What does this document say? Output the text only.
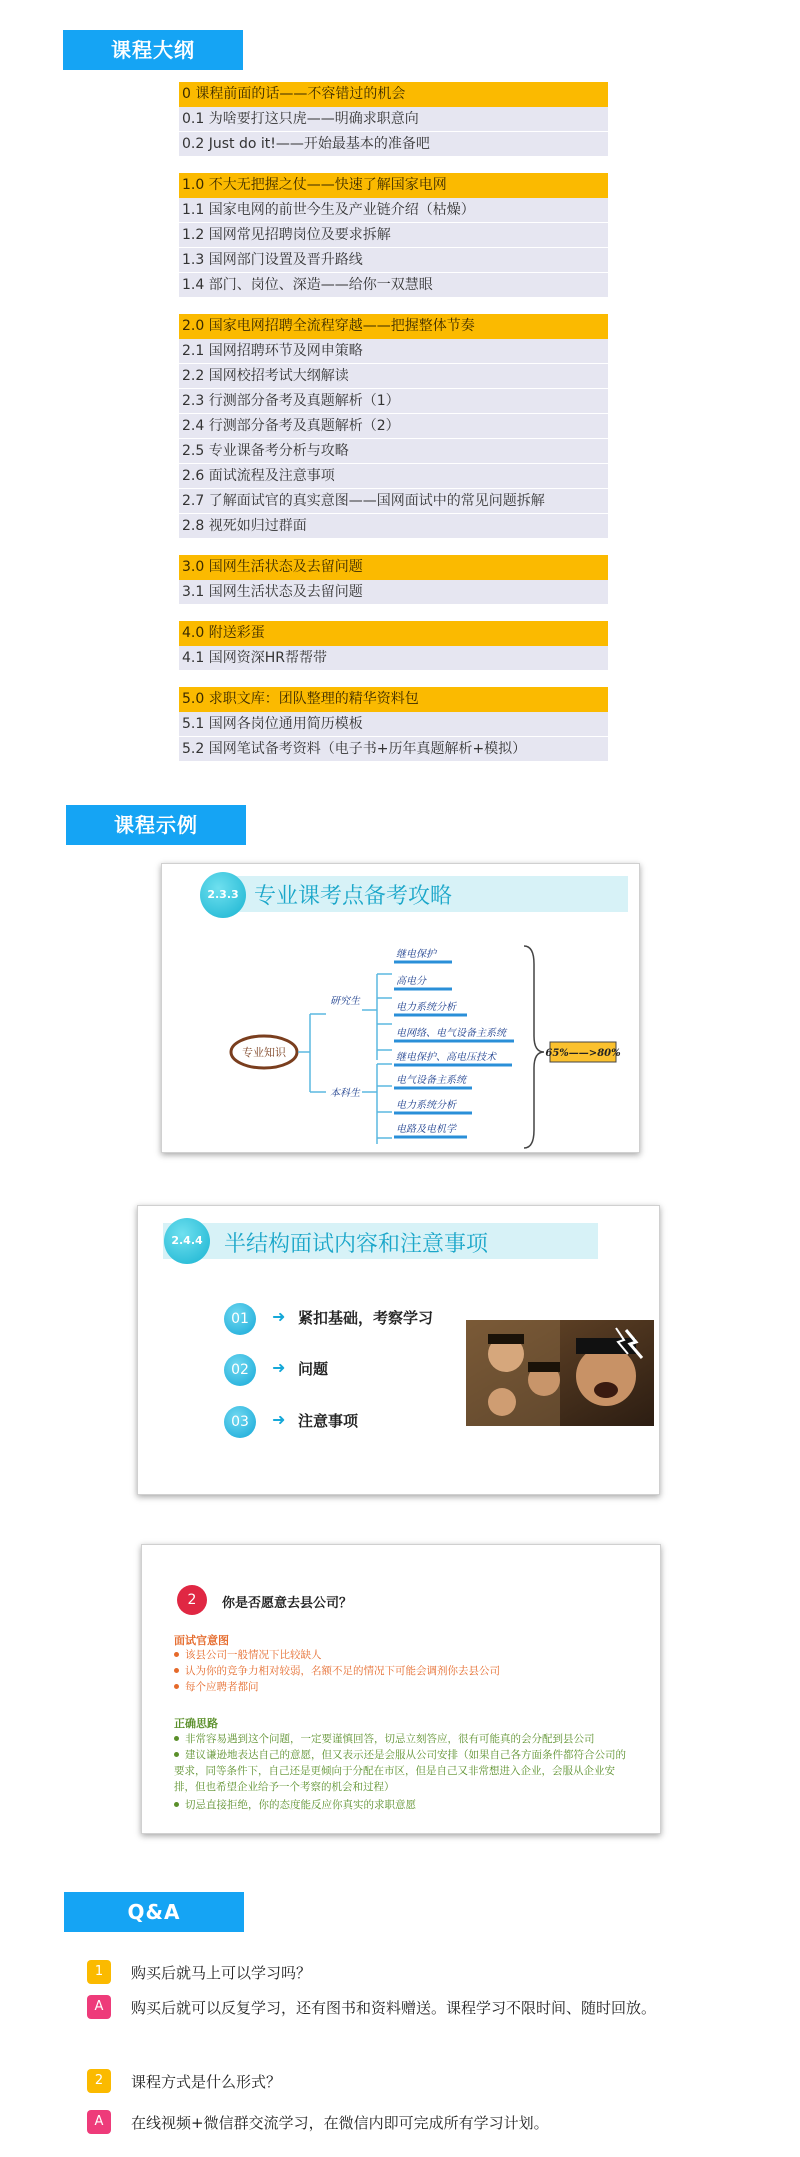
课程大纲
0 课程前面的话——不容错过的机会
0.1 为啥要打这只虎——明确求职意向
0.2 Just do it!——开始最基本的准备吧
1.0 不大无把握之仗——快速了解国家电网
1.1 国家电网的前世今生及产业链介绍（枯燥）
1.2 国网常见招聘岗位及要求拆解
1.3 国网部门设置及晋升路线
1.4 部门、岗位、深造——给你一双慧眼
2.0 国家电网招聘全流程穿越——把握整体节奏
2.1 国网招聘环节及网申策略
2.2 国网校招考试大纲解读
2.3 行测部分备考及真题解析（1）
2.4 行测部分备考及真题解析（2）
2.5 专业课备考分析与攻略
2.6 面试流程及注意事项
2.7 了解面试官的真实意图——国网面试中的常见问题拆解
2.8 视死如归过群面
3.0 国网生活状态及去留问题
3.1 国网生活状态及去留问题
4.0 附送彩蛋
4.1 国网资深HR帮帮带
5.0 求职文库：团队整理的精华资料包
5.1 国网各岗位通用简历模板
5.2 国网笔试备考资料（电子书+历年真题解析+模拟）
课程示例
2.3.3 专业课考点备考攻略
专业知识
研究生
本科生
继电保护
高电分
电力系统分析
电网络、电气设备主系统
继电保护、高电压技术
电气设备主系统
电力系统分析
电路及电机学
65%——>80%
2.4.4 半结构面试内容和注意事项
01	➜ 紧扣基础，考察学习
02	➜ 问题
03	➜ 注意事项
2	你是否愿意去县公司？
面试官意图
该县公司一般情况下比较缺人
认为你的竞争力相对较弱，名额不足的情况下可能会调剂你去县公司
每个应聘者都问
正确思路
非常容易遇到这个问题，一定要谨慎回答，切忌立刻答应，很有可能真的会分配到县公司
建议谦逊地表达自己的意愿，但又表示还是会服从公司安排（如果自己各方面条件都符合公司的要求，同等条件下，自己还是更倾向于分配在市区，但是自己又非常想进入企业，会服从企业安排，但也希望企业给予一个考察的机会和过程）
切忌直接拒绝，你的态度能反应你真实的求职意愿
Q&A
1	购买后就马上可以学习吗？
A	购买后就可以反复学习，还有图书和资料赠送。课程学习不限时间、随时回放。
2	课程方式是什么形式？
A	在线视频+微信群交流学习，在微信内即可完成所有学习计划。
